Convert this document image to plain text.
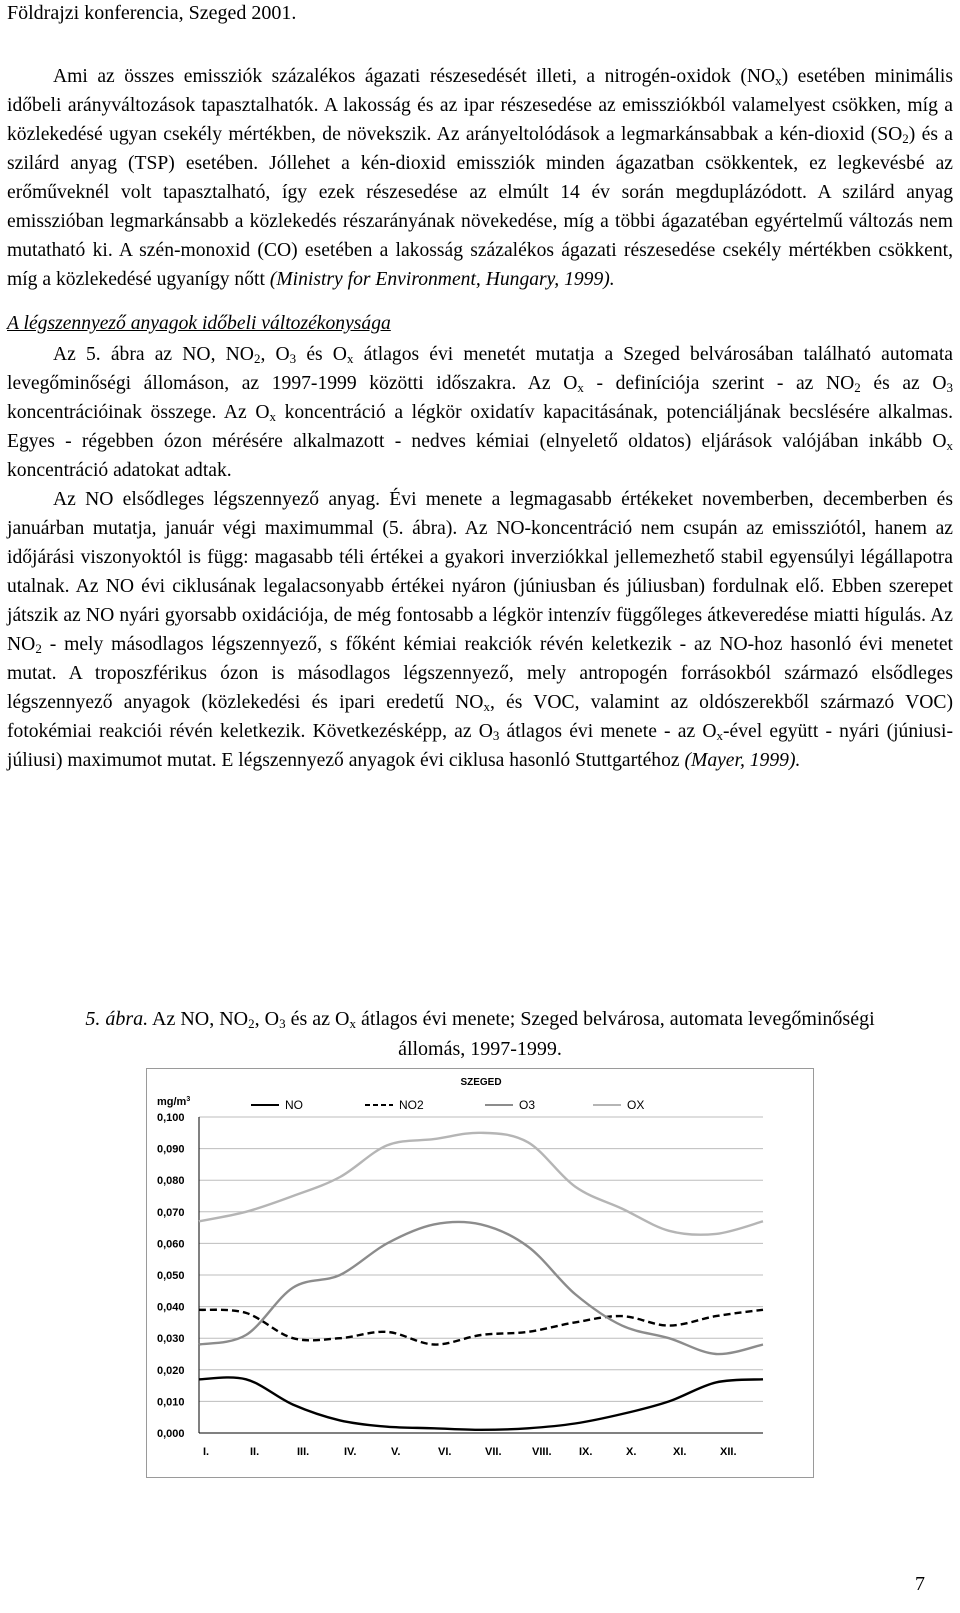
Földrajzi konferencia, Szeged 2001.

Ami az összes emissziók százalékos ágazati részesedését illeti, a nitrogén-oxidok $(NO_x)$ esetében minimális időbeli arányváltozások tapasztalhatók. A lakosság és az ipar részesedése az emissziókból valamelyest csökken, míg a közlekedésé ugyan csekély mértékben, de növekszik. Az arányeltolódások a legmarkánsabbak a kén-dioxid $(SO_2)$ és a szilárd anyag (TSP) esetében. Jóllehet a kén-dioxid emissziók minden ágazatban csökkentek, ez legkevésbé az erőműveknél volt tapasztalható, így ezek részesedése az elmúlt 14 év során megduplázódott. A szilárd anyag emisszióban legmarkánsabb a közlekedés részarányának növekedése, míg a többi ágazatéban egyértelmű változás nem mutatható ki. A szén-monoxid (CO) esetében a lakosság százalékos ágazati részesedése csekély mértékben csökkent, míg a közlekedésé ugyanígy nőtt (Ministry for Environment, Hungary, 1999).

A légszennyező anyagok időbeli változékonysága

Az 5. ábra az NO, $NO_2$, $O_3$ és $O_x$ átlagos évi menetét mutatja a Szeged belvárosában található automata levegőminőségi állomáson, az 1997-1999 közötti időszakra. Az $O_x$ - definíciója szerint - az $NO_2$ és az $O_3$ koncentrációinak összege. Az $O_x$ koncentráció a légkör oxidatív kapacitásának, potenciáljának becslésére alkalmas. Egyes - régebben ózon mérésére alkalmazott - nedves kémiai (elnyelető oldatos) eljárások valójában inkább $O_x$ koncentráció adatokat adtak.

Az NO elsődleges légszennyező anyag. Évi menete a legmagasabb értékeket novemberben, decemberben és januárban mutatja, január végi maximummal (5. ábra). Az NO-koncentráció nem csupán az emissziótól, hanem az időjárási viszonyoktól is függ: magasabb téli értékei a gyakori inverziókkal jellemezhető stabil egyensúlyi légállapotra utalnak. Az NO évi ciklusának legalacsonyabb értékei nyáron (júniusban és júliusban) fordulnak elő. Ebben szerepet játszik az NO nyári gyorsabb oxidációja, de még fontosabb a légkör intenzív függőleges átkeveredése miatti hígulás. Az $NO_2$ - mely másodlagos légszennyező, s főként kémiai reakciók révén keletkezik - az NO-hoz hasonló évi menetet mutat. A troposzférikus ózon is másodlagos légszennyező, mely antropogén forrásokból származó elsődleges légszennyező anyagok (közlekedési és ipari eredetű $NO_x$, és VOC, valamint az oldószerekből származó VOC) fotokémiai reakciói révén keletkezik. Következésképp, az $O_3$ átlagos évi menete - az $O_x$-ével együtt - nyári (júniusi-júliusi) maximumot mutat. E légszennyező anyagok évi ciklusa hasonló Stuttgartéhoz (Mayer, 1999).

5. ábra. Az NO, $NO_2$, $O_3$ és az $O_x$ átlagos évi menete; Szeged belvárosa, automata levegőminőségi állomás, 1997-1999.
SZEGED
$mg/m^3$	NO	NO2	O3	OX
0,000
0,010
0,020
0,030
0,040
0,050
0,060
0,070
0,080
0,090
0,100
I.	II.	III.	IV.	V.	VI.	VII.	VIII. IX.	X.	XI.	XII.
7
